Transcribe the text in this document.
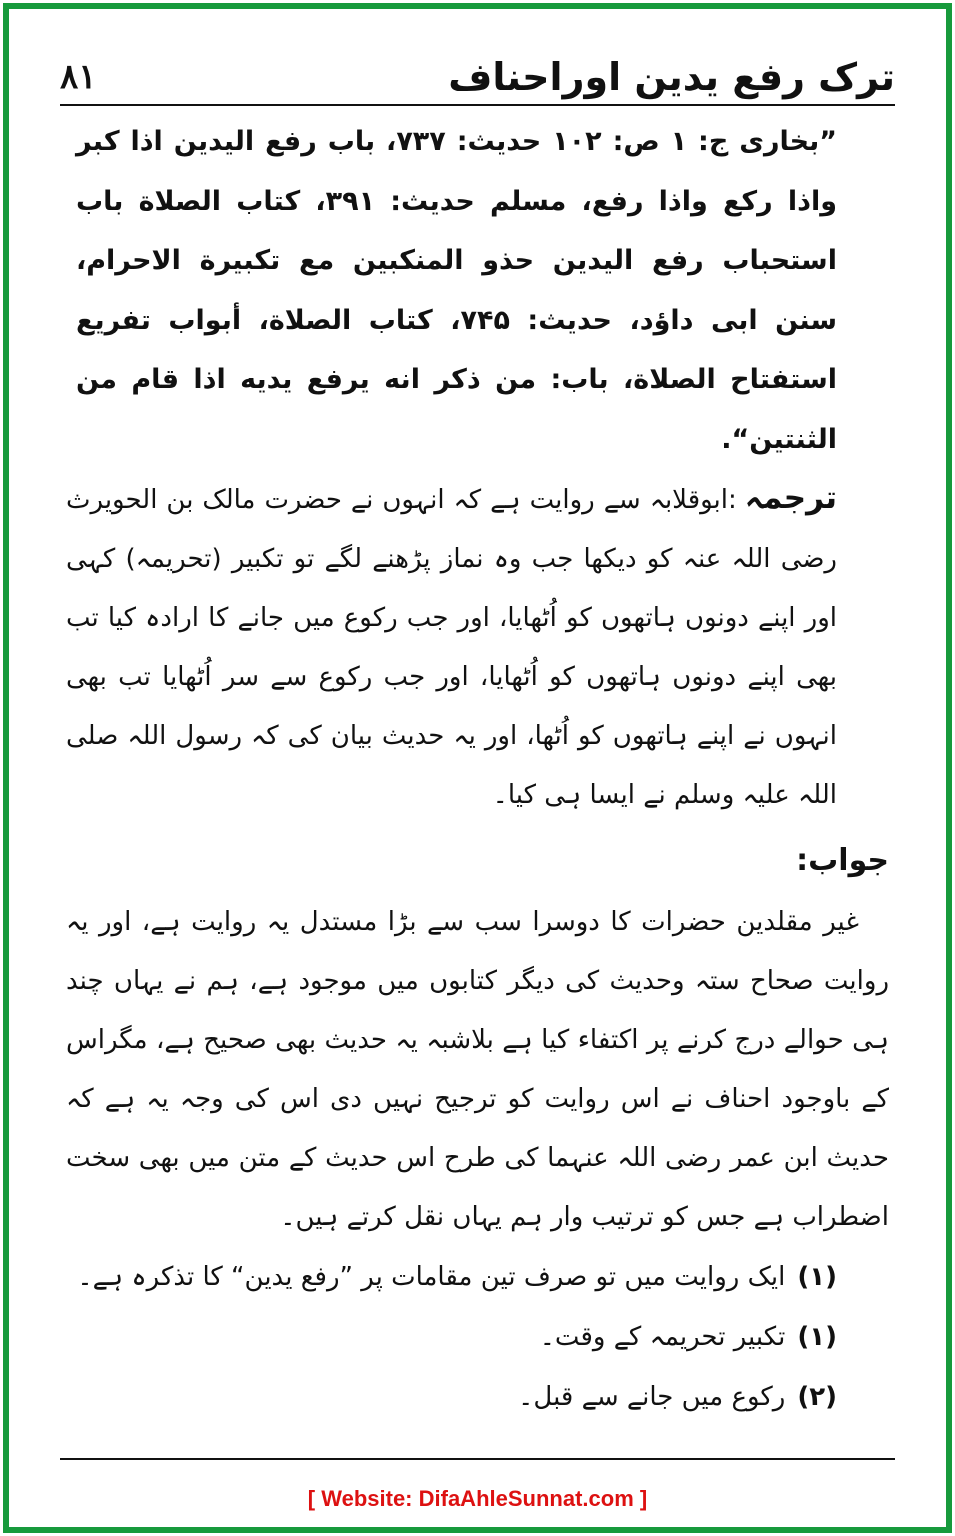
٨١	ترک رفع یدین اوراحناف

”بخاری ج: ۱ ص: ۱۰۲ حدیث: ۷۳۷، باب رفع الیدین اذا کبر واذا رکع واذا رفع، مسلم حدیث: ۳۹۱، کتاب الصلاة باب استحباب رفع الیدین حذو المنکبین مع تکبیرة الاحرام، سنن ابی داؤد، حدیث: ۷۴۵، کتاب الصلاة، أبواب تفریع استفتاح الصلاة، باب: من ذکر انه یرفع یدیه اذا قام من الثنتین“.

ترجمہ:ابوقلابہ سے روایت ہے کہ انہوں نے حضرت مالک بن الحویرث رضی اللہ عنہ کو دیکھا جب وہ نماز پڑھنے لگے تو تکبیر (تحریمہ) کہی اور اپنے دونوں ہاتھوں کو اُٹھایا، اور جب رکوع میں جانے کا ارادہ کیا تب بھی اپنے دونوں ہاتھوں کو اُٹھایا، اور جب رکوع سے سر اُٹھایا تب بھی انہوں نے اپنے ہاتھوں کو اُٹھا، اور یہ حدیث بیان کی کہ رسول اللہ صلی اللہ علیہ وسلم نے ایسا ہی کیا۔

جواب:

غیر مقلدین حضرات کا دوسرا سب سے بڑا مستدل یہ روایت ہے، اور یہ روایت صحاح ستہ وحدیث کی دیگر کتابوں میں موجود ہے، ہم نے یہاں چند ہی حوالے درج کرنے پر اکتفاء کیا ہے بلاشبہ یہ حدیث بھی صحیح ہے، مگراس کے باوجود احناف نے اس روایت کو ترجیح نہیں دی اس کی وجہ یہ ہے کہ حدیث ابن عمر رضی اللہ عنہما کی طرح اس حدیث کے متن میں بھی سخت اضطراب ہے جس کو ترتیب وار ہم یہاں نقل کرتے ہیں۔

(۱)ایک روایت میں تو صرف تین مقامات پر ”رفع یدین“ کا تذکرہ ہے۔
(۱)تکبیر تحریمہ کے وقت۔
(۲)رکوع میں جانے سے قبل۔
[ Website: DifaAhleSunnat.com ]
